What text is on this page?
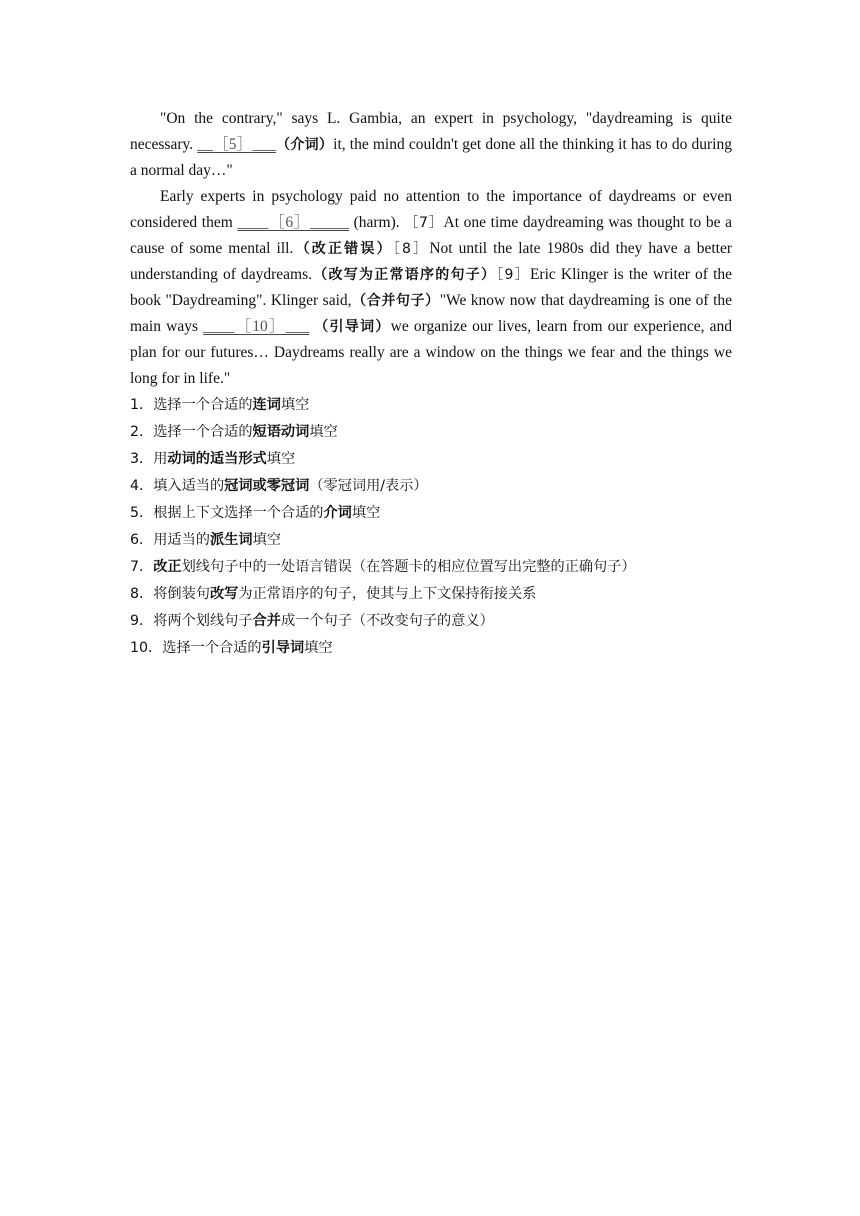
"On the contrary," says L. Gambia, an expert in psychology, "daydreaming is quite necessary. __［5］___（介词）it, the mind couldn't get done all the thinking it has to do during a normal day…"

Early experts in psychology paid no attention to the importance of daydreams or even considered them ____［6］_____ (harm). ［7］At one time daydreaming was thought to be a cause of some mental ill.（改正错误）［8］Not until the late 1980s did they have a better understanding of daydreams.（改写为正常语序的句子）［9］Eric Klinger is the writer of the book "Daydreaming". Klinger said,（合并句子）"We know now that daydreaming is one of the main ways ____［10］___ （引导词）we organize our lives, learn from our experience, and plan for our futures… Daydreams really are a window on the things we fear and the things we long for in life."

1．选择一个合适的连词填空
2．选择一个合适的短语动词填空
3．用动词的适当形式填空
4．填入适当的冠词或零冠词（零冠词用/表示）
5．根据上下文选择一个合适的介词填空
6．用适当的派生词填空
7．改正划线句子中的一处语言错误（在答题卡的相应位置写出完整的正确句子）
8．将倒装句改写为正常语序的句子，使其与上下文保持衔接关系
9．将两个划线句子合并成一个句子（不改变句子的意义）
10．选择一个合适的引导词填空
